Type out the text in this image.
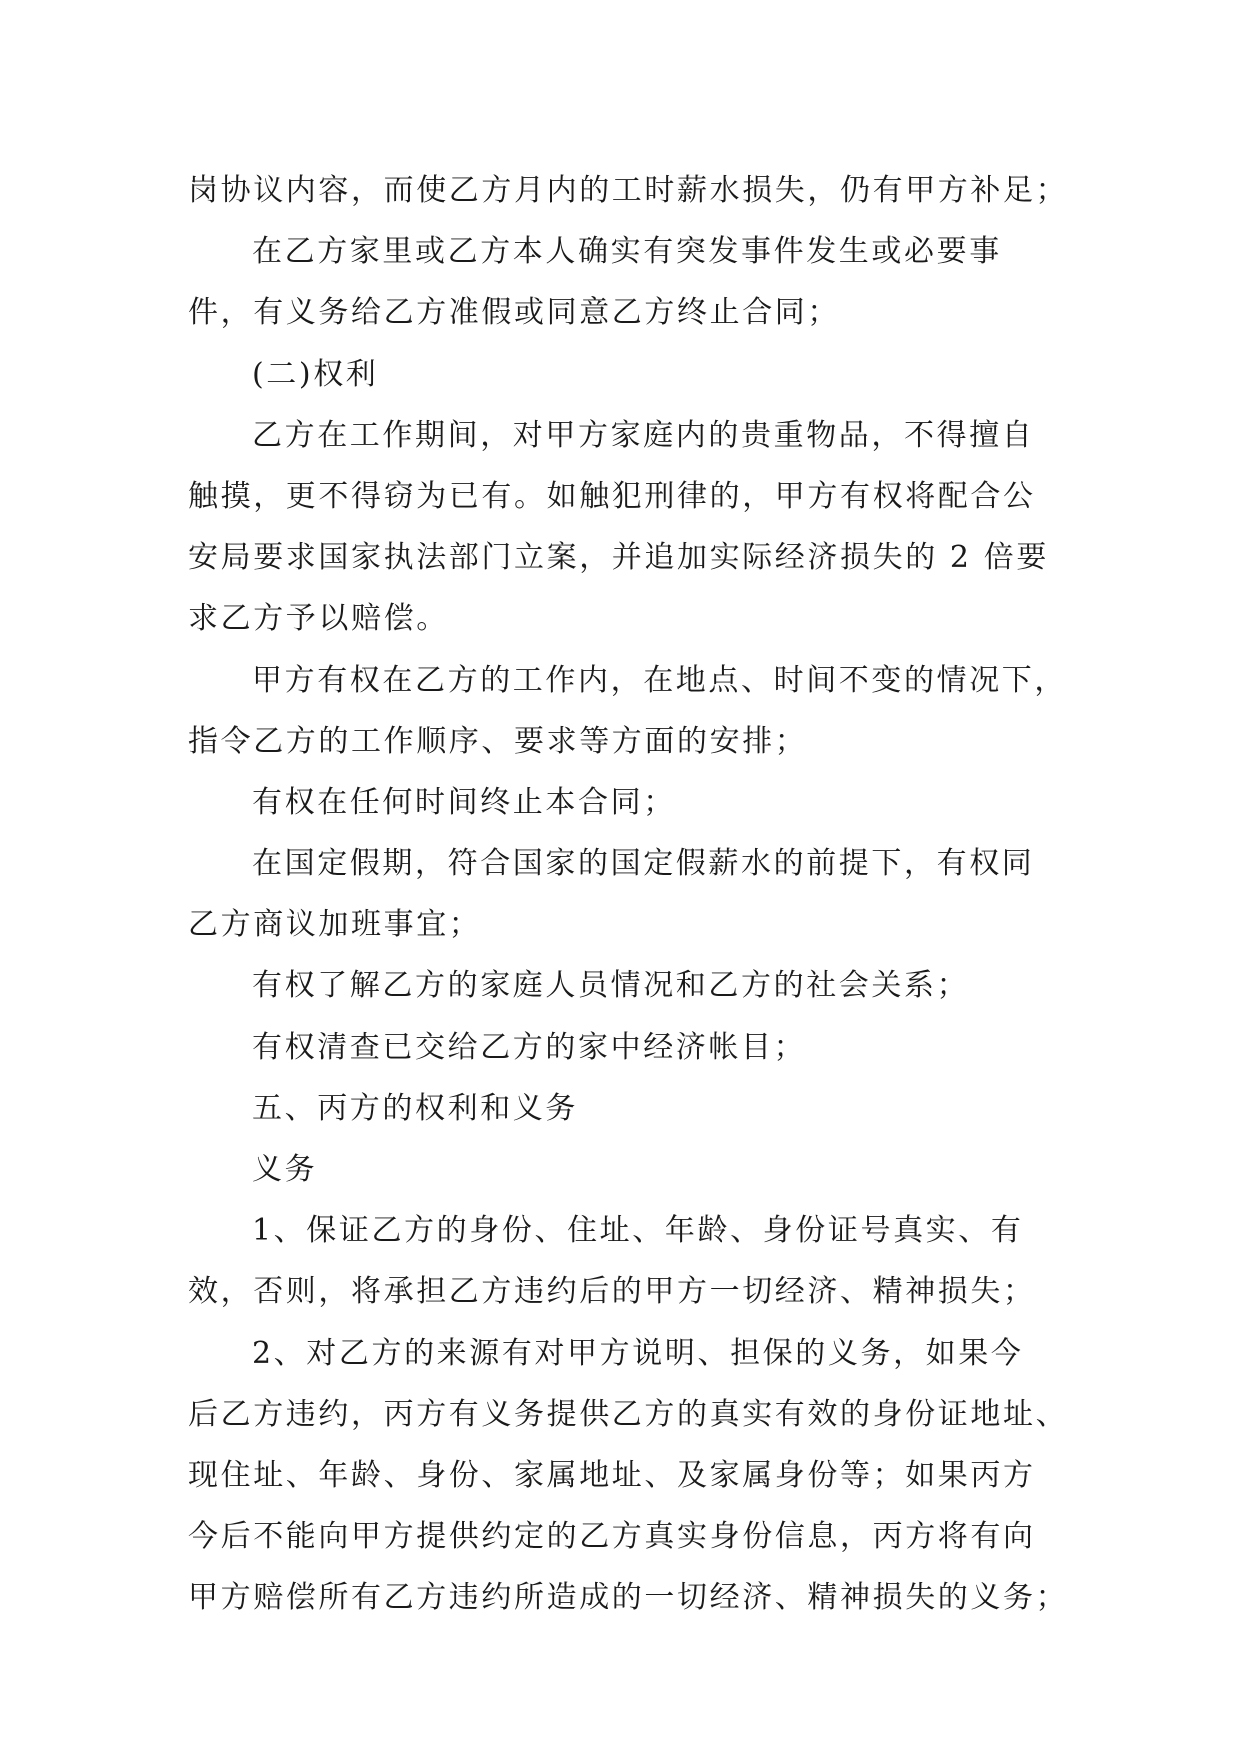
岗协议内容，而使乙方月内的工时薪水损失，仍有甲方补足；
在乙方家里或乙方本人确实有突发事件发生或必要事
件，有义务给乙方准假或同意乙方终止合同；
(二)权利
乙方在工作期间，对甲方家庭内的贵重物品，不得擅自
触摸，更不得窃为已有。如触犯刑律的，甲方有权将配合公
安局要求国家执法部门立案，并追加实际经济损失的 2 倍要
求乙方予以赔偿。
甲方有权在乙方的工作内，在地点、时间不变的情况下，
指令乙方的工作顺序、要求等方面的安排；
有权在任何时间终止本合同；
在国定假期，符合国家的国定假薪水的前提下，有权同
乙方商议加班事宜；
有权了解乙方的家庭人员情况和乙方的社会关系；
有权清查已交给乙方的家中经济帐目；
五、丙方的权利和义务
义务
1、保证乙方的身份、住址、年龄、身份证号真实、有
效，否则，将承担乙方违约后的甲方一切经济、精神损失；
2、对乙方的来源有对甲方说明、担保的义务，如果今
后乙方违约，丙方有义务提供乙方的真实有效的身份证地址、
现住址、年龄、身份、家属地址、及家属身份等；如果丙方
今后不能向甲方提供约定的乙方真实身份信息，丙方将有向
甲方赔偿所有乙方违约所造成的一切经济、精神损失的义务；
